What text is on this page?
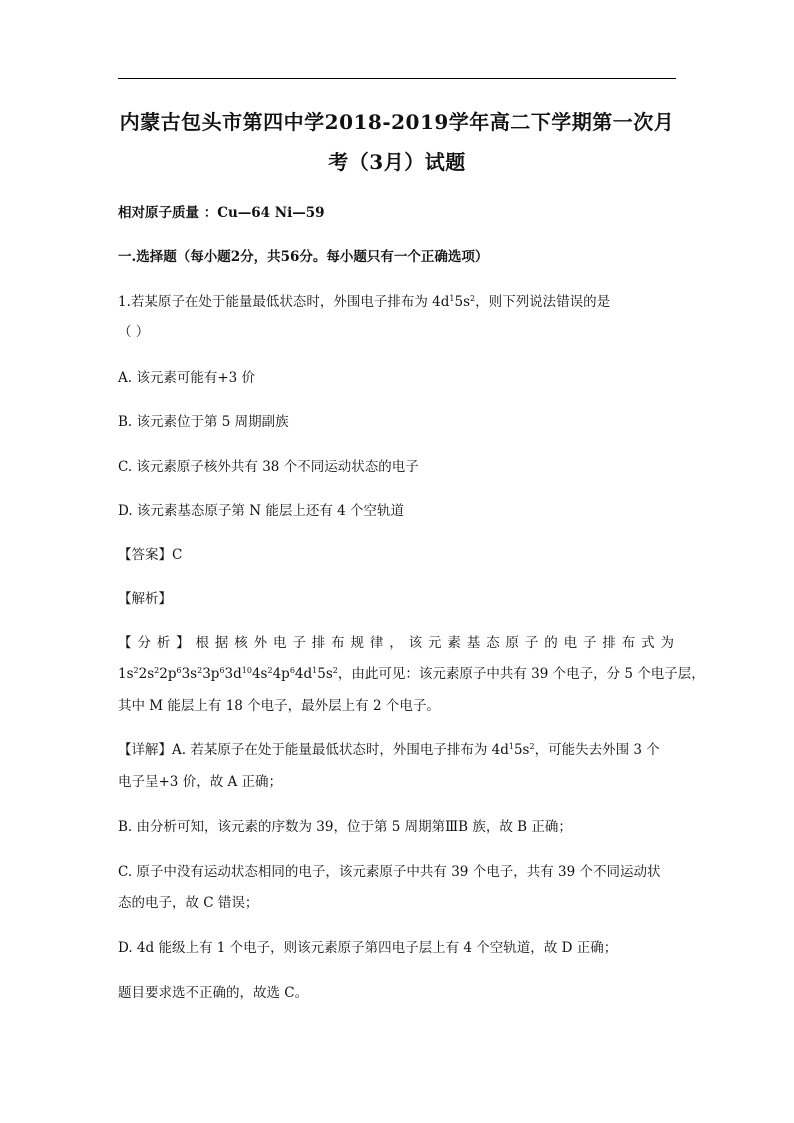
内蒙古包头市第四中学2018-2019学年高二下学期第一次月
考（3月）试题
相对原子质量 ：Cu—64 Ni—59
一.选择题（每小题2分，共56分。每小题只有一个正确选项）
1.若某原子在处于能量最低状态时，外围电子排布为 $4d^15s^2$，则下列说法错误的是
（ ）
A. 该元素可能有+3 价
B. 该元素位于第 5 周期副族
C. 该元素原子核外共有 38 个不同运动状态的电子
D. 该元素基态原子第 N 能层上还有 4 个空轨道
【答案】C
【解析】
【分析】根据核外电子排布规律，该元素基态原子的电子排布式为
$1s^22s^22p^63s^23p^63d^{10}4s^24p^64d^15s^2$，由此可见：该元素原子中共有 39 个电子，分 5 个电子层，
其中 M 能层上有 18 个电子，最外层上有 2 个电子。
【详解】A. 若某原子在处于能量最低状态时，外围电子排布为 $4d^15s^2$，可能失去外围 3 个
电子呈+3 价，故 A 正确；
B. 由分析可知，该元素的序数为 39，位于第 5 周期第ⅢB 族，故 B 正确；
C. 原子中没有运动状态相同的电子，该元素原子中共有 39 个电子，共有 39 个不同运动状
态的电子，故 C 错误；
D. 4d 能级上有 1 个电子，则该元素原子第四电子层上有 4 个空轨道，故 D 正确；
题目要求选不正确的，故选 C。
